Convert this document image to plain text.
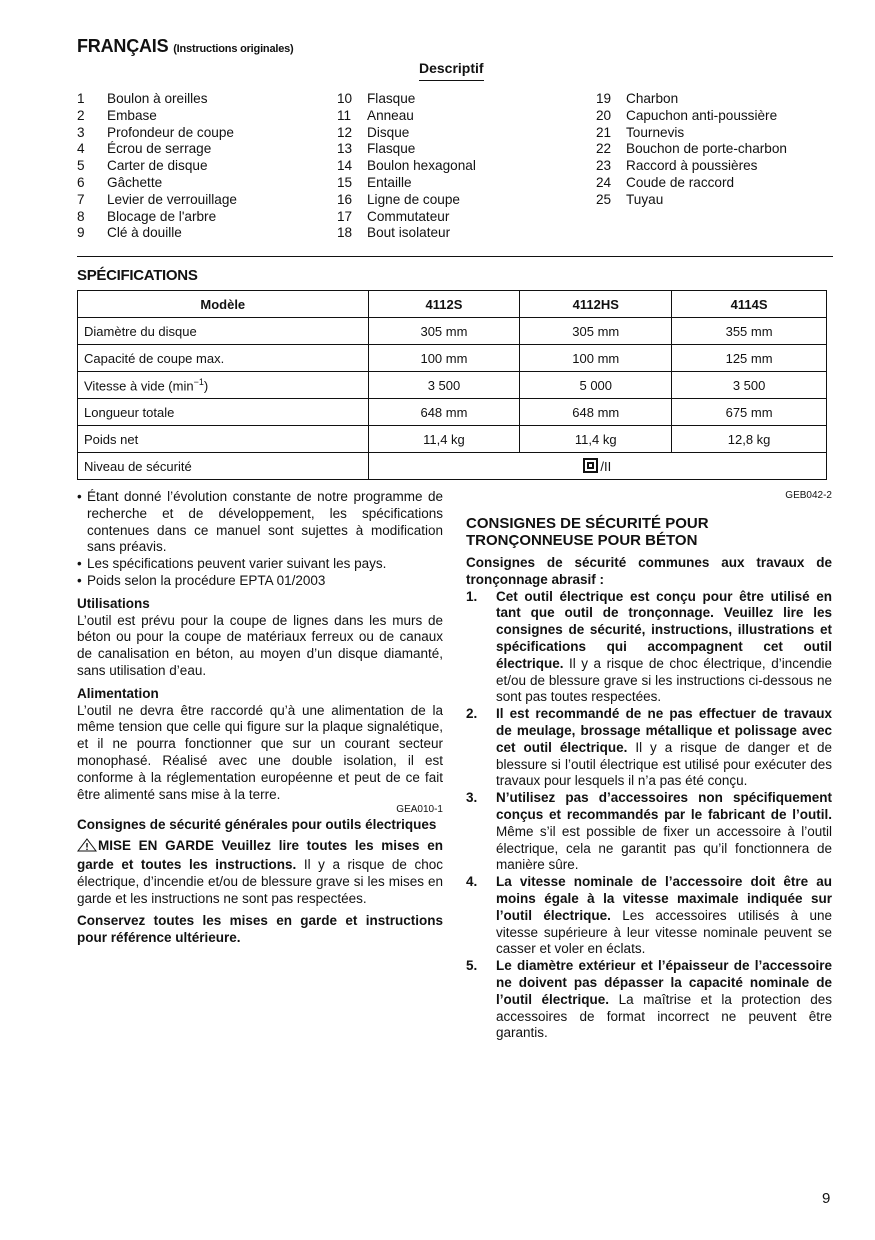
FRANÇAIS (Instructions originales)
Descriptif
1	Boulon à oreilles
2	Embase
3	Profondeur de coupe
4	Écrou de serrage
5	Carter de disque
6	Gâchette
7	Levier de verrouillage
8	Blocage de l'arbre
9	Clé à douille
10	Flasque
11	Anneau
12	Disque
13	Flasque
14	Boulon hexagonal
15	Entaille
16	Ligne de coupe
17	Commutateur
18	Bout isolateur
19	Charbon
20	Capuchon anti-poussière
21	Tournevis
22	Bouchon de porte-charbon
23	Raccord à poussières
24	Coude de raccord
25	Tuyau
SPÉCIFICATIONS
Modèle	4112S	4112HS	4114S
Diamètre du disque	305 mm	305 mm	355 mm
Capacité de coupe max.	100 mm	100 mm	125 mm
Vitesse à vide $(\min^{-1})$	3 500	5 000	3 500
Longueur totale	648 mm	648 mm	675 mm
Poids net	11,4 kg	11,4 kg	12,8 kg
Niveau de sécurité	/II		
• Étant donné l’évolution constante de notre programme de recherche et de développement, les spécifications contenues dans ce manuel sont sujettes à modification sans préavis.
• Les spécifications peuvent varier suivant les pays.
• Poids selon la procédure EPTA 01/2003
Utilisations

L’outil est prévu pour la coupe de lignes dans les murs de béton ou pour la coupe de matériaux ferreux ou de canaux de canalisation en béton, au moyen d’un disque diamanté, sans utilisation d’eau.

Alimentation

L’outil ne devra être raccordé qu’à une alimentation de la même tension que celle qui figure sur la plaque signalétique, et il ne pourra fonctionner que sur un courant secteur monophasé. Réalisé avec une double isolation, il est conforme à la réglementation européenne et peut de ce fait être alimenté sans mise à la terre.

GEA010-1

Consignes de sécurité générales pour outils électriques

MISE EN GARDE Veuillez lire toutes les mises en garde et toutes les instructions. Il y a risque de choc électrique, d’incendie et/ou de blessure grave si les mises en garde et les instructions ne sont pas respectées.

Conservez toutes les mises en garde et instructions pour référence ultérieure.

GEB042-2
CONSIGNES DE SÉCURITÉ POUR
TRONÇONNEUSE POUR BÉTON

Consignes de sécurité communes aux travaux de tronçonnage abrasif :

1.	Cet outil électrique est conçu pour être utilisé en tant que outil de tronçonnage. Veuillez lire les consignes de sécurité, instructions, illustrations et spécifications qui accompagnent cet outil électrique. Il y a risque de choc électrique, d’incendie et/ou de blessure grave si les instructions ci-dessous ne sont pas toutes respectées.
2.	Il est recommandé de ne pas effectuer de travaux de meulage, brossage métallique et polissage avec cet outil électrique. Il y a risque de danger et de blessure si l’outil électrique est utilisé pour exécuter des travaux pour lesquels il n’a pas été conçu.
3.	N’utilisez pas d’accessoires non spécifiquement conçus et recommandés par le fabricant de l’outil. Même s’il est possible de fixer un accessoire à l’outil électrique, cela ne garantit pas qu’il fonctionnera de manière sûre.
4.	La vitesse nominale de l’accessoire doit être au moins égale à la vitesse maximale indiquée sur l’outil électrique. Les accessoires utilisés à une vitesse supérieure à leur vitesse nominale peuvent se casser et voler en éclats.
5.	Le diamètre extérieur et l’épaisseur de l’accessoire ne doivent pas dépasser la capacité nominale de l’outil électrique. La maîtrise et la protection des accessoires de format incorrect ne peuvent être garantis.
9
